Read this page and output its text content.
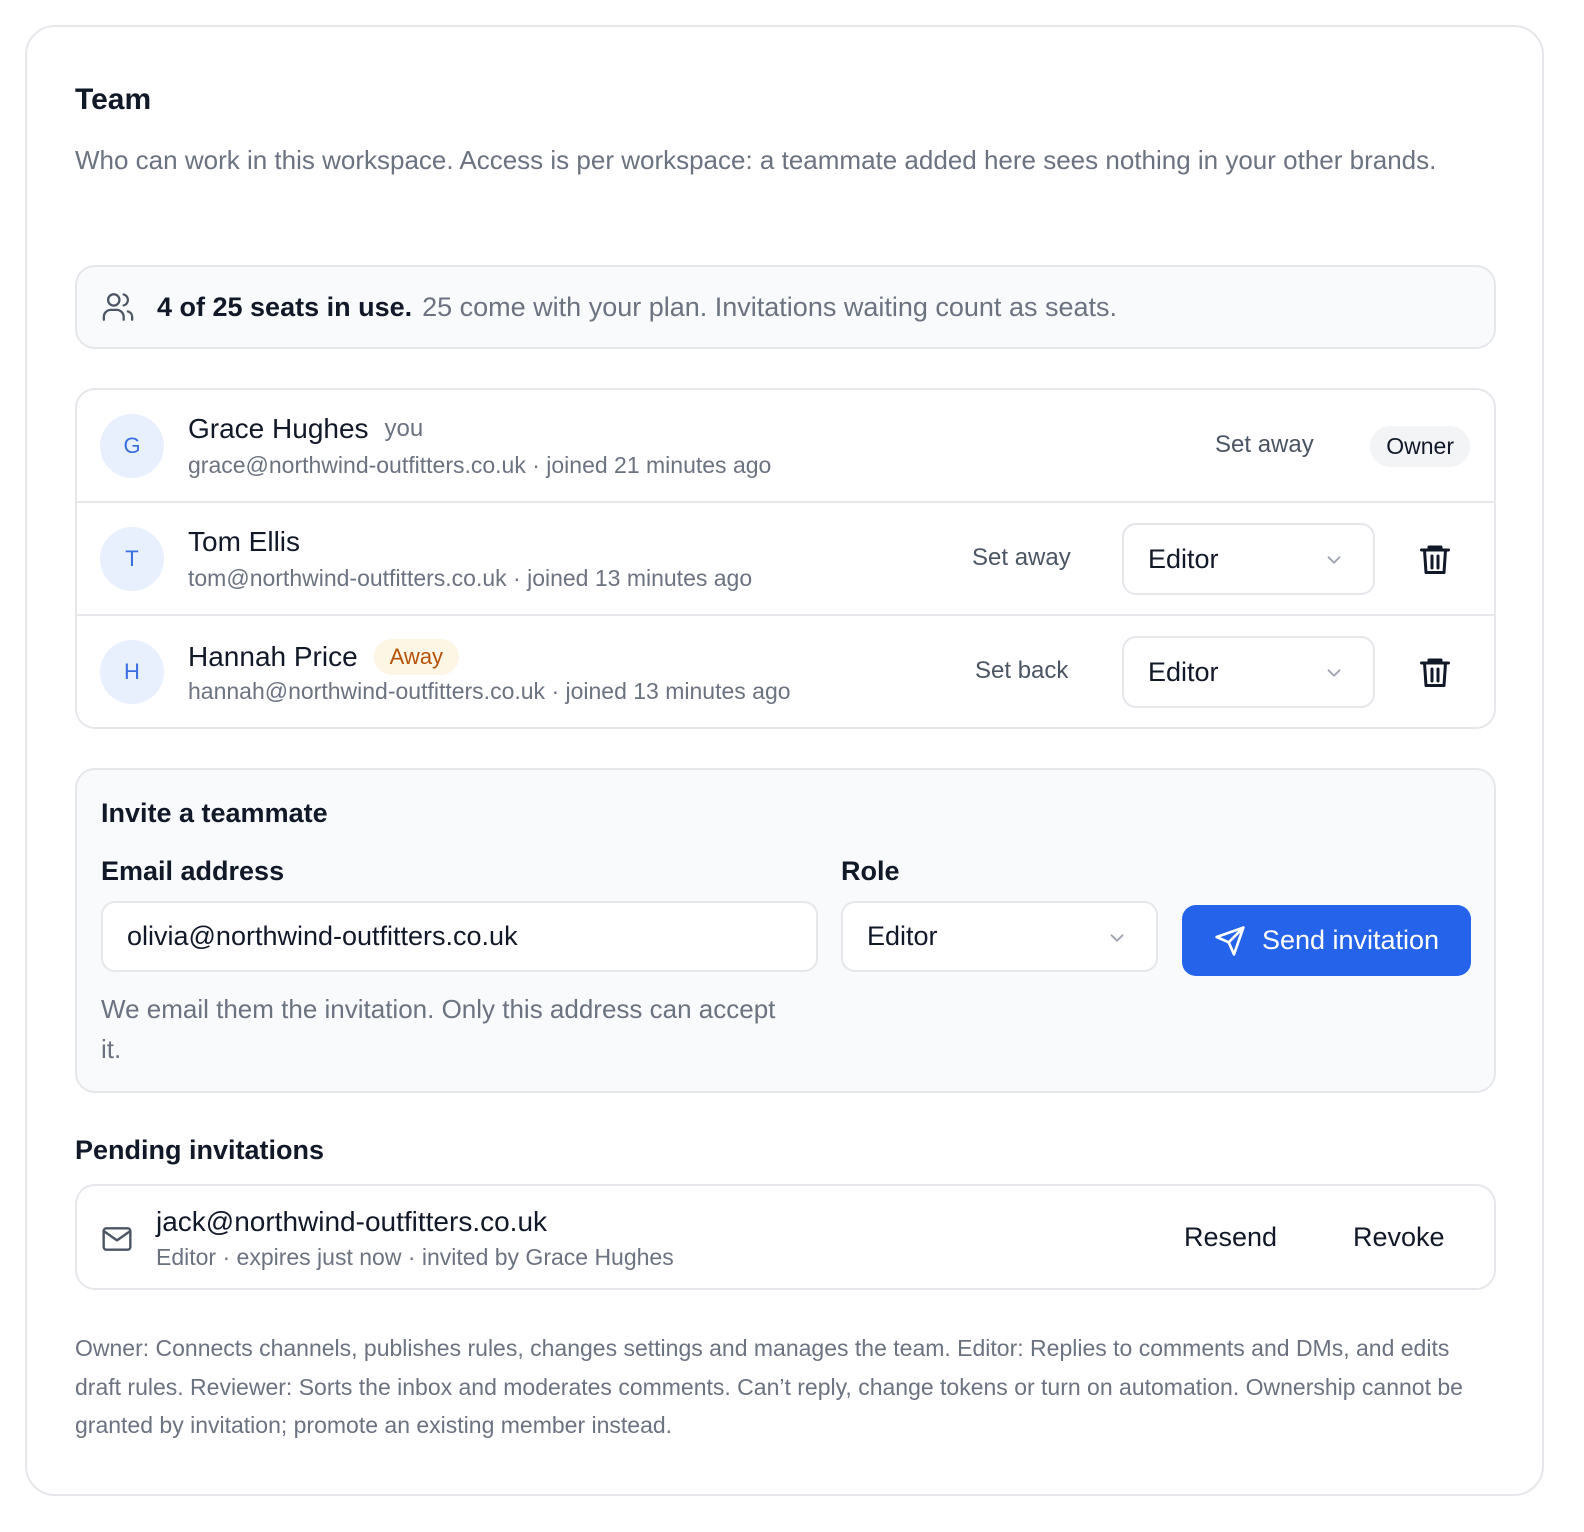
Team
Who can work in this workspace. Access is per workspace: a teammate added here sees nothing in your other brands.
4 of 25 seats in use. 25 come with your plan. Invitations waiting count as seats.
G
Grace Hughes you
grace@northwind-outfitters.co.uk · joined 21 minutes ago
Set away	Owner
T
Tom Ellis
tom@northwind-outfitters.co.uk · joined 13 minutes ago
Set away	Editor
H	Hannah Price	Away
hannah@northwind-outfitters.co.uk · joined 13 minutes ago
Set back	Editor
Invite a teammate
Email address	Role
olivia@northwind-outfitters.co.uk
Editor	Send invitation
We email them the invitation. Only this address can accept it.
Pending invitations
jack@northwind-outfitters.co.uk
Editor · expires just now · invited by Grace Hughes
Resend	Revoke
Owner: Connects channels, publishes rules, changes settings and manages the team. Editor: Replies to comments and DMs, and edits draft rules. Reviewer: Sorts the inbox and moderates comments. Can’t reply, change tokens or turn on automation. Ownership cannot be granted by invitation; promote an existing member instead.
